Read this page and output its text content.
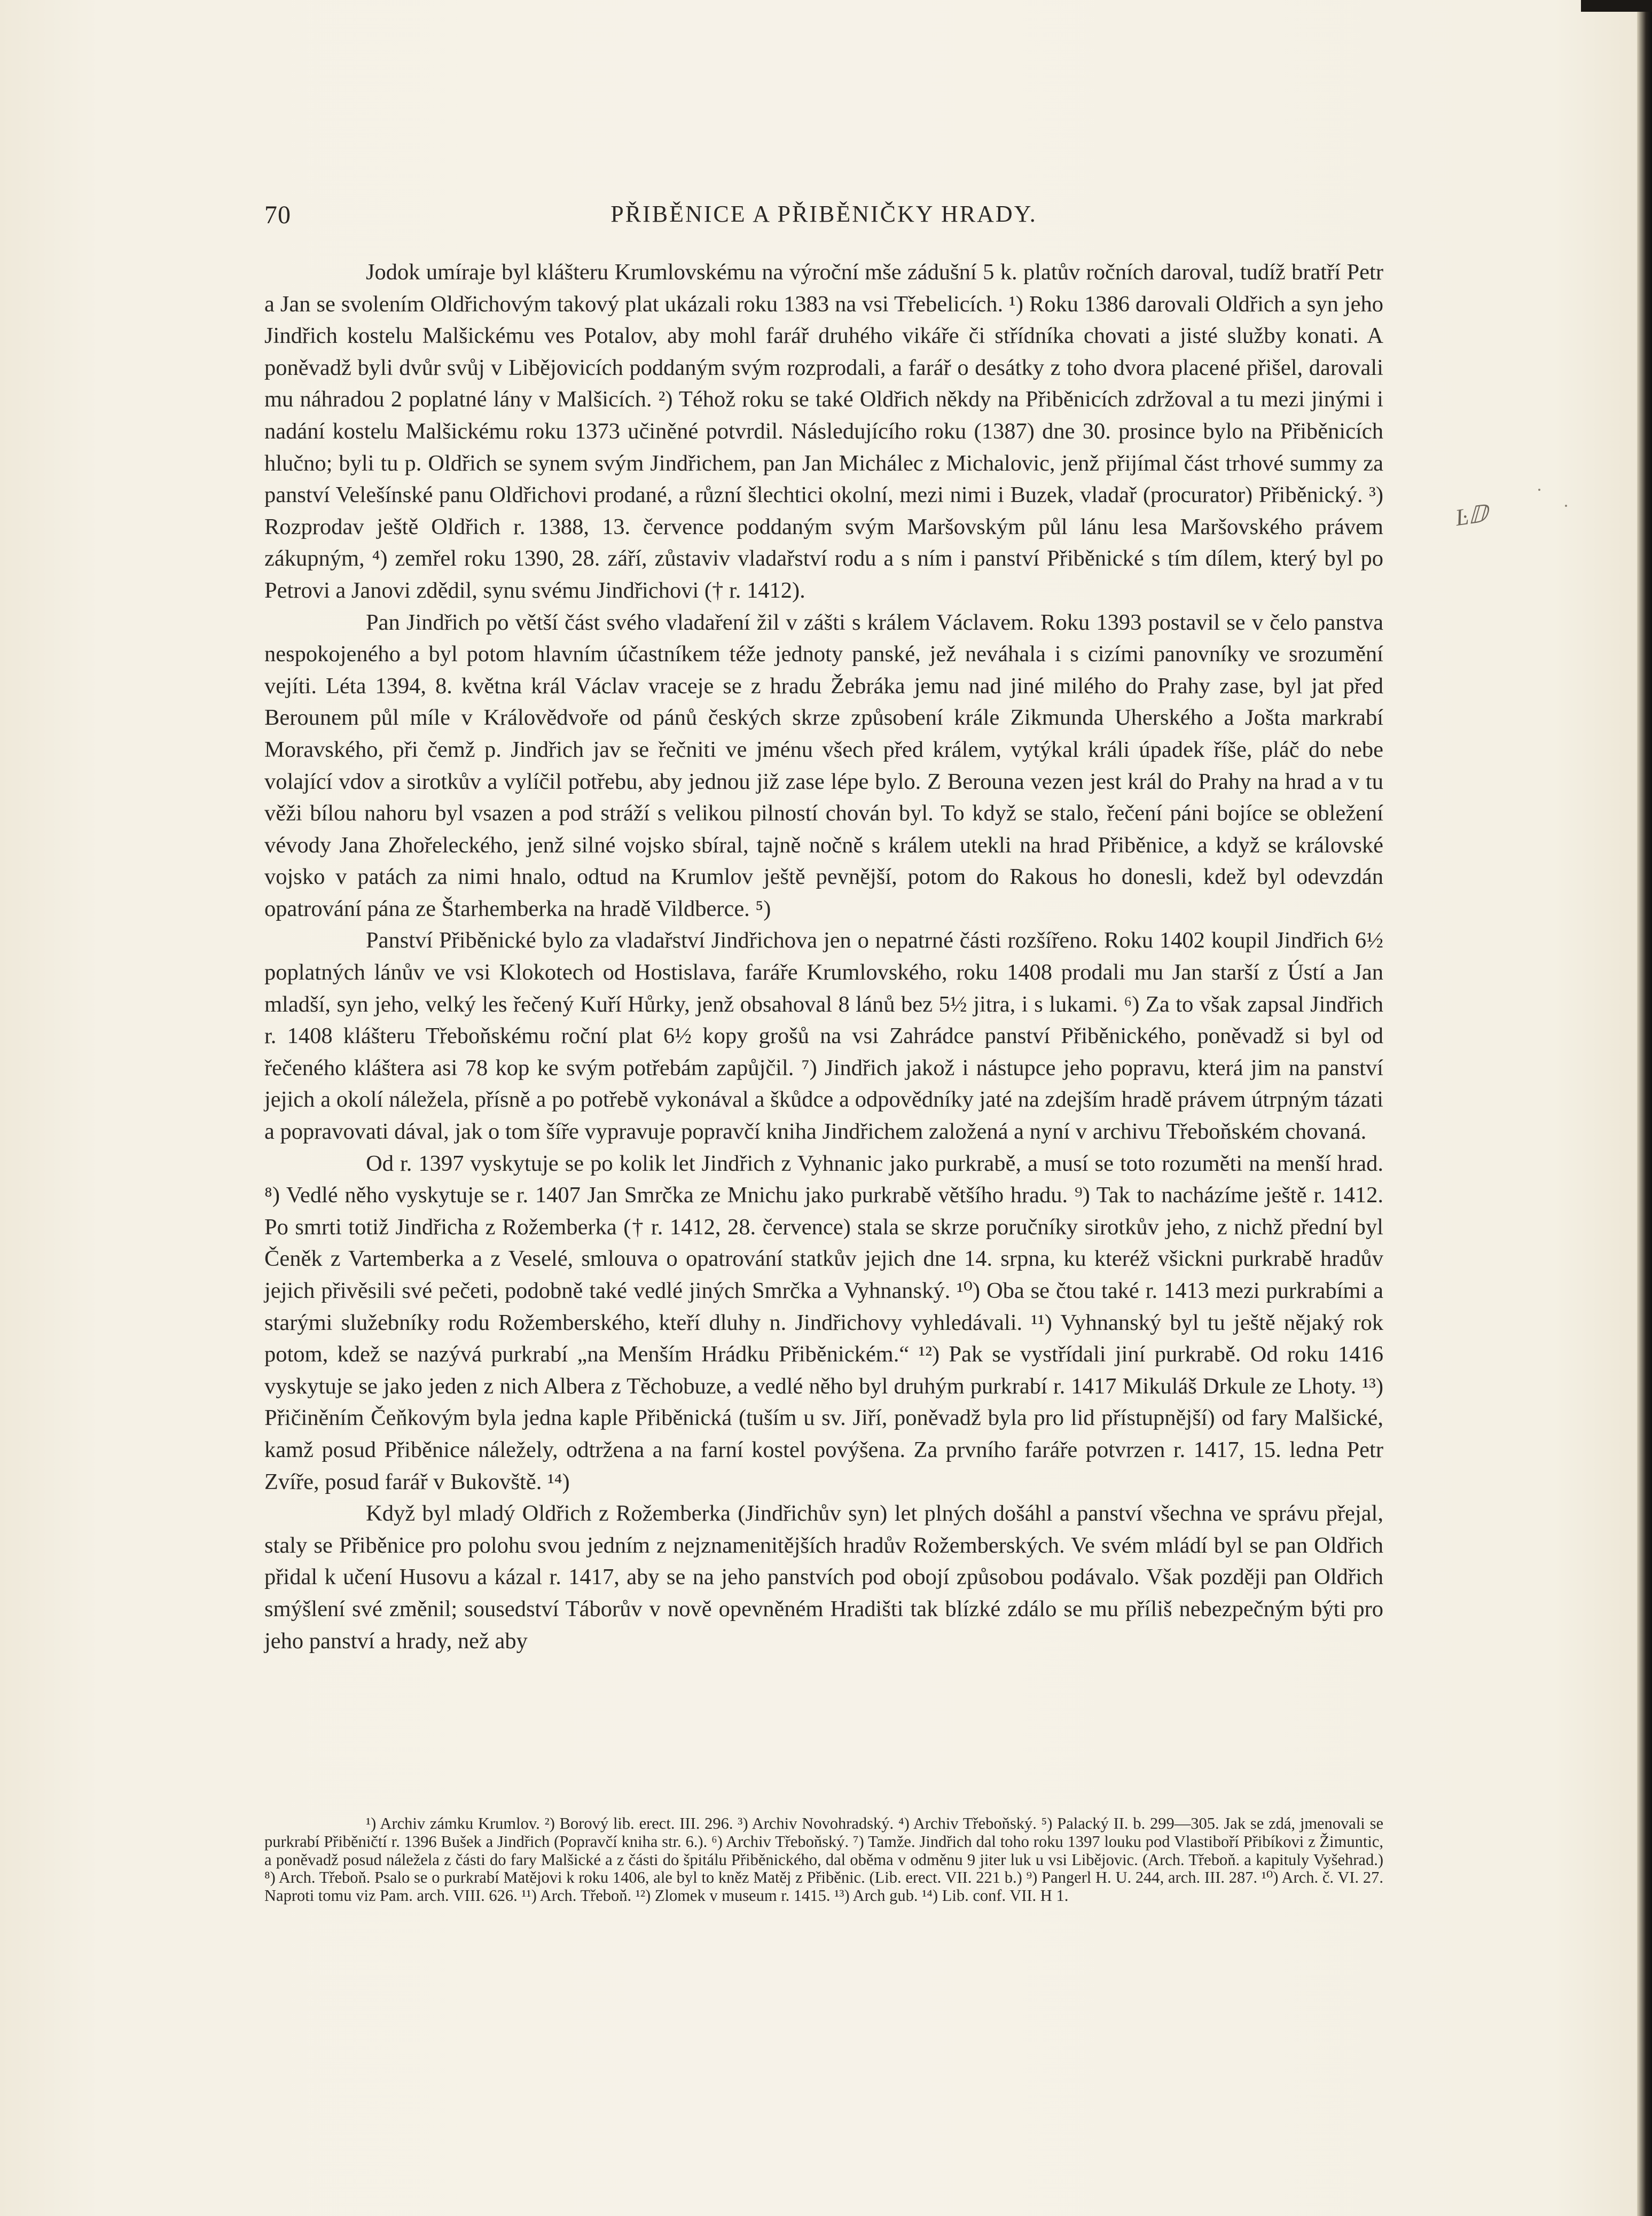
70	PŘIBĚNICE A PŘIBĚNIČKY HRADY.

Jodok umíraje byl klášteru Krumlovskému na výroční mše zádušní 5 k. platův ročních daroval, tudíž bratří Petr a Jan se svolením Oldřichovým takový plat ukázali roku 1383 na vsi Třebelicích. ¹) Roku 1386 darovali Oldřich a syn jeho Jindřich kostelu Malšickému ves Potalov, aby mohl farář druhého vikáře či střídníka chovati a jisté služby konati. A poněvadž byli dvůr svůj v Libějovicích poddaným svým rozprodali, a farář o desátky z toho dvora placené přišel, darovali mu náhradou 2 poplatné lány v Malšicích. ²) Téhož roku se také Oldřich někdy na Přiběnicích zdržoval a tu mezi jinými i nadání kostelu Malšickému roku 1373 učiněné potvrdil. Následujícího roku (1387) dne 30. prosince bylo na Přiběnicích hlučno; byli tu p. Oldřich se synem svým Jindřichem, pan Jan Michálec z Michalovic, jenž přijímal část trhové summy za panství Velešínské panu Oldřichovi prodané, a různí šlechtici okolní, mezi nimi i Buzek, vladař (procurator) Přiběnický. ³) Rozprodav ještě Oldřich r. 1388, 13. července poddaným svým Maršovským půl lánu lesa Maršovského právem zákupným, ⁴) zemřel roku 1390, 28. září, zůstaviv vladařství rodu a s ním i panství Přiběnické s tím dílem, který byl po Petrovi a Janovi zdědil, synu svému Jindřichovi († r. 1412).

Pan Jindřich po větší část svého vladaření žil v zášti s králem Václavem. Roku 1393 postavil se v čelo panstva nespokojeného a byl potom hlavním účastníkem téže jednoty panské, jež neváhala i s cizími panovníky ve srozumění vejíti. Léta 1394, 8. května král Václav vraceje se z hradu Žebráka jemu nad jiné milého do Prahy zase, byl jat před Berounem půl míle v Královědvoře od pánů českých skrze způsobení krále Zikmunda Uherského a Jošta markrabí Moravského, při čemž p. Jindřich jav se řečniti ve jménu všech před králem, vytýkal králi úpadek říše, pláč do nebe volající vdov a sirotkův a vylíčil potřebu, aby jednou již zase lépe bylo. Z Berouna vezen jest král do Prahy na hrad a v tu věži bílou nahoru byl vsazen a pod stráží s velikou pilností chován byl. To když se stalo, řečení páni bojíce se obležení vévody Jana Zhořeleckého, jenž silné vojsko sbíral, tajně nočně s králem utekli na hrad Přiběnice, a když se královské vojsko v patách za nimi hnalo, odtud na Krumlov ještě pevnější, potom do Rakous ho donesli, kdež byl odevzdán opatrování pána ze Štarhemberka na hradě Vildberce. ⁵)

Panství Přiběnické bylo za vladařství Jindřichova jen o nepatrné části rozšířeno. Roku 1402 koupil Jindřich 6½ poplatných lánův ve vsi Klokotech od Hostislava, faráře Krumlovského, roku 1408 prodali mu Jan starší z Ústí a Jan mladší, syn jeho, velký les řečený Kuří Hůrky, jenž obsahoval 8 lánů bez 5½ jitra, i s lukami. ⁶) Za to však zapsal Jindřich r. 1408 klášteru Třeboňskému roční plat 6½ kopy grošů na vsi Zahrádce panství Přiběnického, poněvadž si byl od řečeného kláštera asi 78 kop ke svým potřebám zapůjčil. ⁷) Jindřich jakož i nástupce jeho popravu, která jim na panství jejich a okolí náležela, přísně a po potřebě vykonával a škůdce a odpovědníky jaté na zdejším hradě právem útrpným tázati a popravovati dával, jak o tom šíře vypravuje popravčí kniha Jindřichem založená a nyní v archivu Třeboňském chovaná.

Od r. 1397 vyskytuje se po kolik let Jindřich z Vyhnanic jako purkrabě, a musí se toto rozuměti na menší hrad. ⁸) Vedlé něho vyskytuje se r. 1407 Jan Smrčka ze Mnichu jako purkrabě většího hradu. ⁹) Tak to nacházíme ještě r. 1412. Po smrti totiž Jindřicha z Rožemberka († r. 1412, 28. července) stala se skrze poručníky sirotkův jeho, z nichž přední byl Čeněk z Vartemberka a z Veselé, smlouva o opatrování statkův jejich dne 14. srpna, ku kteréž všickni purkrabě hradův jejich přivěsili své pečeti, podobně také vedlé jiných Smrčka a Vyhnanský. ¹⁰) Oba se čtou také r. 1413 mezi purkrabími a starými služebníky rodu Rožemberského, kteří dluhy n. Jindřichovy vyhledávali. ¹¹) Vyhnanský byl tu ještě nějaký rok potom, kdež se nazývá purkrabí „na Menším Hrádku Přiběnickém.“ ¹²) Pak se vystřídali jiní purkrabě. Od roku 1416 vyskytuje se jako jeden z nich Albera z Těchobuze, a vedlé něho byl druhým purkrabí r. 1417 Mikuláš Drkule ze Lhoty. ¹³) Přičiněním Čeňkovým byla jedna kaple Přiběnická (tuším u sv. Jiří, poněvadž byla pro lid přístupnější) od fary Malšické, kamž posud Přiběnice náležely, odtržena a na farní kostel povýšena. Za prvního faráře potvrzen r. 1417, 15. ledna Petr Zvíře, posud farář v Bukovště. ¹⁴)

Když byl mladý Oldřich z Rožemberka (Jindřichův syn) let plných došáhl a panství všechna ve správu přejal, staly se Přiběnice pro polohu svou jedním z nejznamenitějších hradův Rožemberských. Ve svém mládí byl se pan Oldřich přidal k učení Husovu a kázal r. 1417, aby se na jeho panstvích pod obojí způsobou podávalo. Však později pan Oldřich smýšlení své změnil; sousedství Táborův v nově opevněném Hradišti tak blízké zdálo se mu příliš nebezpečným býti pro jeho panství a hrady, než aby

¹) Archiv zámku Krumlov. ²) Borový lib. erect. III. 296. ³) Archiv Novohradský. ⁴) Archiv Třeboňský. ⁵) Palacký II. b. 299—305. Jak se zdá, jmenovali se purkrabí Přiběničtí r. 1396 Bušek a Jindřich (Popravčí kniha str. 6.). ⁶) Archiv Třeboňský. ⁷) Tamže. Jindřich dal toho roku 1397 louku pod Vlastiboří Přibíkovi z Žimuntic, a poněvadž posud náležela z části do fary Malšické a z části do špitálu Přiběnického, dal oběma v odměnu 9 jiter luk u vsi Libějovic. (Arch. Třeboň. a kapituly Vyšehrad.) ⁸) Arch. Třeboň. Psalo se o purkrabí Matějovi k roku 1406, ale byl to kněz Matěj z Přiběnic. (Lib. erect. VII. 221 b.) ⁹) Pangerl H. U. 244, arch. III. 287. ¹⁰) Arch. č. VI. 27. Naproti tomu viz Pam. arch. VIII. 626. ¹¹) Arch. Třeboň. ¹²) Zlomek v museum r. 1415. ¹³) Arch gub. ¹⁴) Lib. conf. VII. H 1.

Ŀⅅ
